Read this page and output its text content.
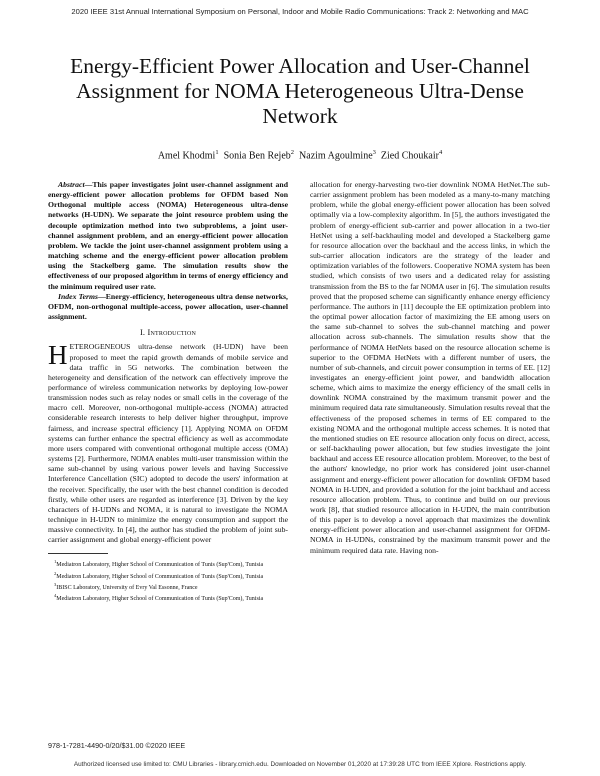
2020 IEEE 31st Annual International Symposium on Personal, Indoor and Mobile Radio Communications: Track 2: Networking and MAC
Energy-Efficient Power Allocation and User-Channel Assignment for NOMA Heterogeneous Ultra-Dense Network
Amel Khodmi$^1$ Sonia Ben Rejeb$^2$ Nazim Agoulmine$^3$ Zied Choukair$^4$

Abstract—This paper investigates joint user-channel assignment and energy-efficient power allocation problems for OFDM based Non Orthogonal multiple access (NOMA) Heterogeneous ultra-dense networks (H-UDN). We separate the joint resource problem using the decouple optimization method into two subproblems, a joint user-channel assignment problem, and an energy-efficient power allocation problem. We tackle the joint user-channel assignment problem using a matching scheme and the energy-efficient power allocation problem using the Stackelberg game. The simulation results show the effectiveness of our proposed algorithm in terms of energy efficiency and the minimum required user rate.

Index Terms—Energy-efficiency, heterogeneous ultra dense networks, OFDM, non-orthogonal multiple-access, power allocation, user-channel assignment.

I. Introduction

HETEROGENEOUS ultra-dense network (H-UDN) have been proposed to meet the rapid growth demands of mobile service and data traffic in 5G networks. The combination between the heterogeneity and densification of the network can effectively improve the performance of wireless communication networks by deploying low-power transmission nodes such as relay nodes or small cells in the coverage of the macro cell. Moreover, non-orthogonal multiple-access (NOMA) attracted considerable research interests to help deliver higher throughput, improve fairness, and increase spectral efficiency [1]. Applying NOMA on OFDM systems can further enhance the spectral efficiency as well as accommodate more users compared with conventional orthogonal multiple access (OMA) systems [2]. Furthermore, NOMA enables multi-user transmission within the same sub-channel by using various power levels and having Successive Interference Cancellation (SIC) adopted to decode the users' information at the receiver. Specifically, the user with the best channel condition is decoded firstly, while other users are regarded as interference [3]. Driven by the key characters of H-UDNs and NOMA, it is natural to investigate the NOMA technique in H-UDN to minimize the energy consumption and support the massive connectivity. In [4], the author has studied the problem of joint sub-carrier assignment and global energy-efficient power

$^1$Mediatron Laboratory, Higher School of Communication of Tunis (Sup'Com), Tunisia

$^2$Mediatron Laboratory, Higher School of Communication of Tunis (Sup'Com), Tunisia

$^3$IBISC Laboratory, University of Evry Val Essonne, France

$^4$Mediatron Laboratory, Higher School of Communication of Tunis (Sup'Com), Tunisia

allocation for energy-harvesting two-tier downlink NOMA HetNet.The sub-carrier assignment problem has been modeled as a many-to-many matching problem, while the global energy-efficient power allocation has been solved optimally via a low-complexity algorithm. In [5], the authors investigated the problem of energy-efficient sub-carrier and power allocation in a two-tier HetNet using a self-backhauling model and developed a Stackelberg game for resource allocation over the backhaul and the access links, in which the sub-carrier allocation indicators are the strategy of the leader and optimization variables of the followers. Cooperative NOMA system has been studied, which consists of two users and a dedicated relay for assisting transmission from the BS to the far NOMA user in [6]. The simulation results proved that the proposed scheme can significantly enhance energy efficiency performance. The authors in [11] decouple the EE optimization problem into the optimal power allocation factor of maximizing the EE among users on the same sub-channel to solves the sub-channel matching and power allocation across sub-channels. The simulation results show that the performance of NOMA HetNets based on the resource allocation scheme is superior to the OFDMA HetNets with a different number of users, the number of sub-channels, and circuit power consumption in terms of EE. [12] investigates an energy-efficient joint power, and bandwidth allocation scheme, which aims to maximize the energy efficiency of the small cells in downlink NOMA constrained by the maximum transmit power and the minimum required data rate simultaneously. Simulation results reveal that the effectiveness of the proposed schemes in terms of EE compared to the existing NOMA and the orthogonal multiple access schemes. It is noted that the mentioned studies on EE resource allocation only focus on direct, access, or self-backhauling power allocation, but few studies investigate the joint backhaul and access EE resource allocation problem. Moreover, to the best of the authors' knowledge, no prior work has considered joint user-channel assignment and energy-efficient power allocation for downlink OFDM based NOMA in H-UDN, and provided a solution for the joint backhaul and access resource allocation problem. Thus, to continue and build on our previous work [8], that studied resource allocation in H-UDN, the main contribution of this paper is to develop a novel approach that maximizes the downlink energy-efficient power allocation and user-channel assignment for OFDM-NOMA in H-UDNs, constrained by the maximum transmit power and the minimum required data rate. Having non-

978-1-7281-4490-0/20/$31.00 ©2020 IEEE
Authorized licensed use limited to: CMU Libraries - library.cmich.edu. Downloaded on November 01,2020 at 17:39:28 UTC from IEEE Xplore. Restrictions apply.
